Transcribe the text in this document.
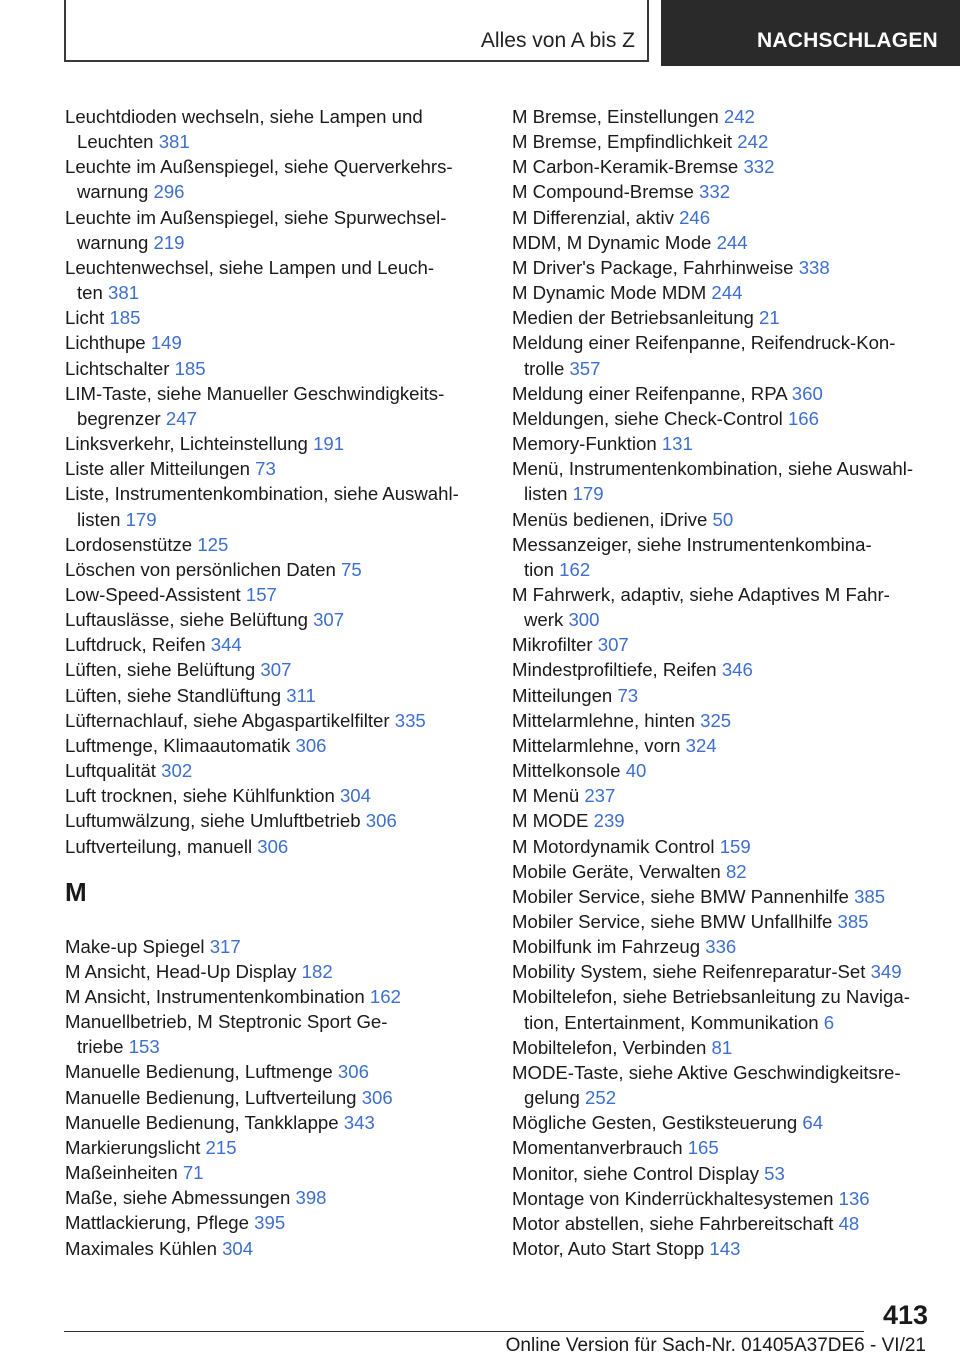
Alles von A bis Z	NACHSCHLAGEN
Leuchtdioden wechseln, siehe Lampen und
Leuchten 381
Leuchte im Außenspiegel, siehe Querverkehrs-
warnung 296
Leuchte im Außenspiegel, siehe Spurwechsel-
warnung 219
Leuchtenwechsel, siehe Lampen und Leuch-
ten 381
Licht 185
Lichthupe 149
Lichtschalter 185
LIM-Taste, siehe Manueller Geschwindigkeits-
begrenzer 247
Linksverkehr, Lichteinstellung 191
Liste aller Mitteilungen 73
Liste, Instrumentenkombination, siehe Auswahl-
listen 179
Lordosenstütze 125
Löschen von persönlichen Daten 75
Low-Speed-Assistent 157
Luftauslässe, siehe Belüftung 307
Luftdruck, Reifen 344
Lüften, siehe Belüftung 307
Lüften, siehe Standlüftung 311
Lüfternachlauf, siehe Abgaspartikelfilter 335
Luftmenge, Klimaautomatik 306
Luftqualität 302
Luft trocknen, siehe Kühlfunktion 304
Luftumwälzung, siehe Umluftbetrieb 306
Luftverteilung, manuell 306
M
Make-up Spiegel 317
M Ansicht, Head-Up Display 182
M Ansicht, Instrumentenkombination 162
Manuellbetrieb, M Steptronic Sport Ge-
triebe 153
Manuelle Bedienung, Luftmenge 306
Manuelle Bedienung, Luftverteilung 306
Manuelle Bedienung, Tankklappe 343
Markierungslicht 215
Maßeinheiten 71
Maße, siehe Abmessungen 398
Mattlackierung, Pflege 395
Maximales Kühlen 304
M Bremse, Einstellungen 242
M Bremse, Empfindlichkeit 242
M Carbon-Keramik-Bremse 332
M Compound-Bremse 332
M Differenzial, aktiv 246
MDM, M Dynamic Mode 244
M Driver's Package, Fahrhinweise 338
M Dynamic Mode MDM 244
Medien der Betriebsanleitung 21
Meldung einer Reifenpanne, Reifendruck-Kon-
trolle 357
Meldung einer Reifenpanne, RPA 360
Meldungen, siehe Check-Control 166
Memory-Funktion 131
Menü, Instrumentenkombination, siehe Auswahl-
listen 179
Menüs bedienen, iDrive 50
Messanzeiger, siehe Instrumentenkombina-
tion 162
M Fahrwerk, adaptiv, siehe Adaptives M Fahr-
werk 300
Mikrofilter 307
Mindestprofiltiefe, Reifen 346
Mitteilungen 73
Mittelarmlehne, hinten 325
Mittelarmlehne, vorn 324
Mittelkonsole 40
M Menü 237
M MODE 239
M Motordynamik Control 159
Mobile Geräte, Verwalten 82
Mobiler Service, siehe BMW Pannenhilfe 385
Mobiler Service, siehe BMW Unfallhilfe 385
Mobilfunk im Fahrzeug 336
Mobility System, siehe Reifenreparatur-Set 349
Mobiltelefon, siehe Betriebsanleitung zu Naviga-
tion, Entertainment, Kommunikation 6
Mobiltelefon, Verbinden 81
MODE-Taste, siehe Aktive Geschwindigkeitsre-
gelung 252
Mögliche Gesten, Gestiksteuerung 64
Momentanverbrauch 165
Monitor, siehe Control Display 53
Montage von Kinderrückhaltesystemen 136
Motor abstellen, siehe Fahrbereitschaft 48
Motor, Auto Start Stopp 143
413
Online Version für Sach-Nr. 01405A37DE6 - VI/21
